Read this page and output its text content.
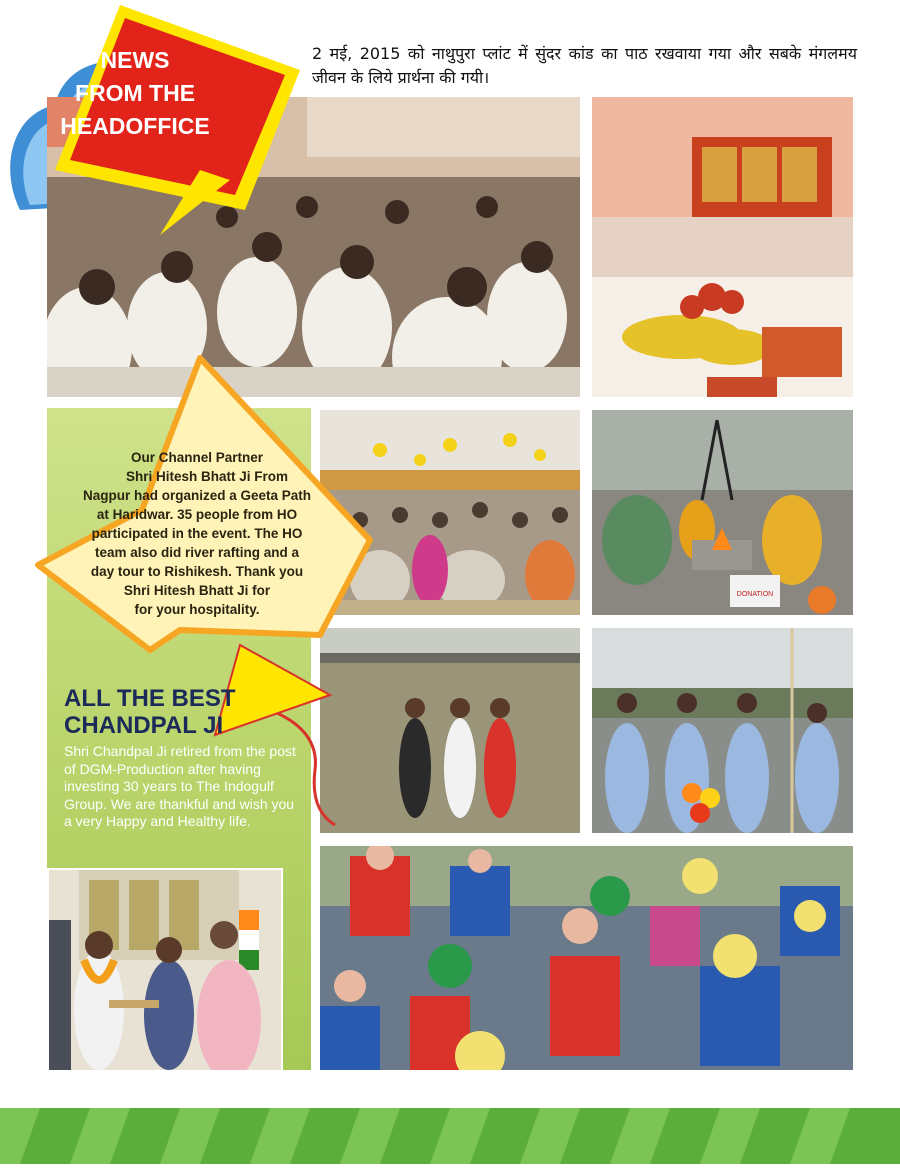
DONATION
NEWS
FROM THE
HEADOFFICE
2 मई, 2015 को नाथुपुरा प्लांट में सुंदर कांड का पाठ रखवाया गया और सबके मंगलमय जीवन के लिये प्रार्थना की गयी।
Our Channel Partner
Shri Hitesh Bhatt Ji From
Nagpur had organized a Geeta Path
at Haridwar. 35 people from HO
participated in the event. The HO
team also did river rafting and a
day tour to Rishikesh. Thank you
Shri Hitesh Bhatt Ji for
for your hospitality.
ALL THE BEST
CHANDPAL JI
Shri Chandpal Ji retired from the post of DGM-Production after having investing 30 years to The Indogulf Group. We are thankful and wish you a very Happy and Healthy life.
